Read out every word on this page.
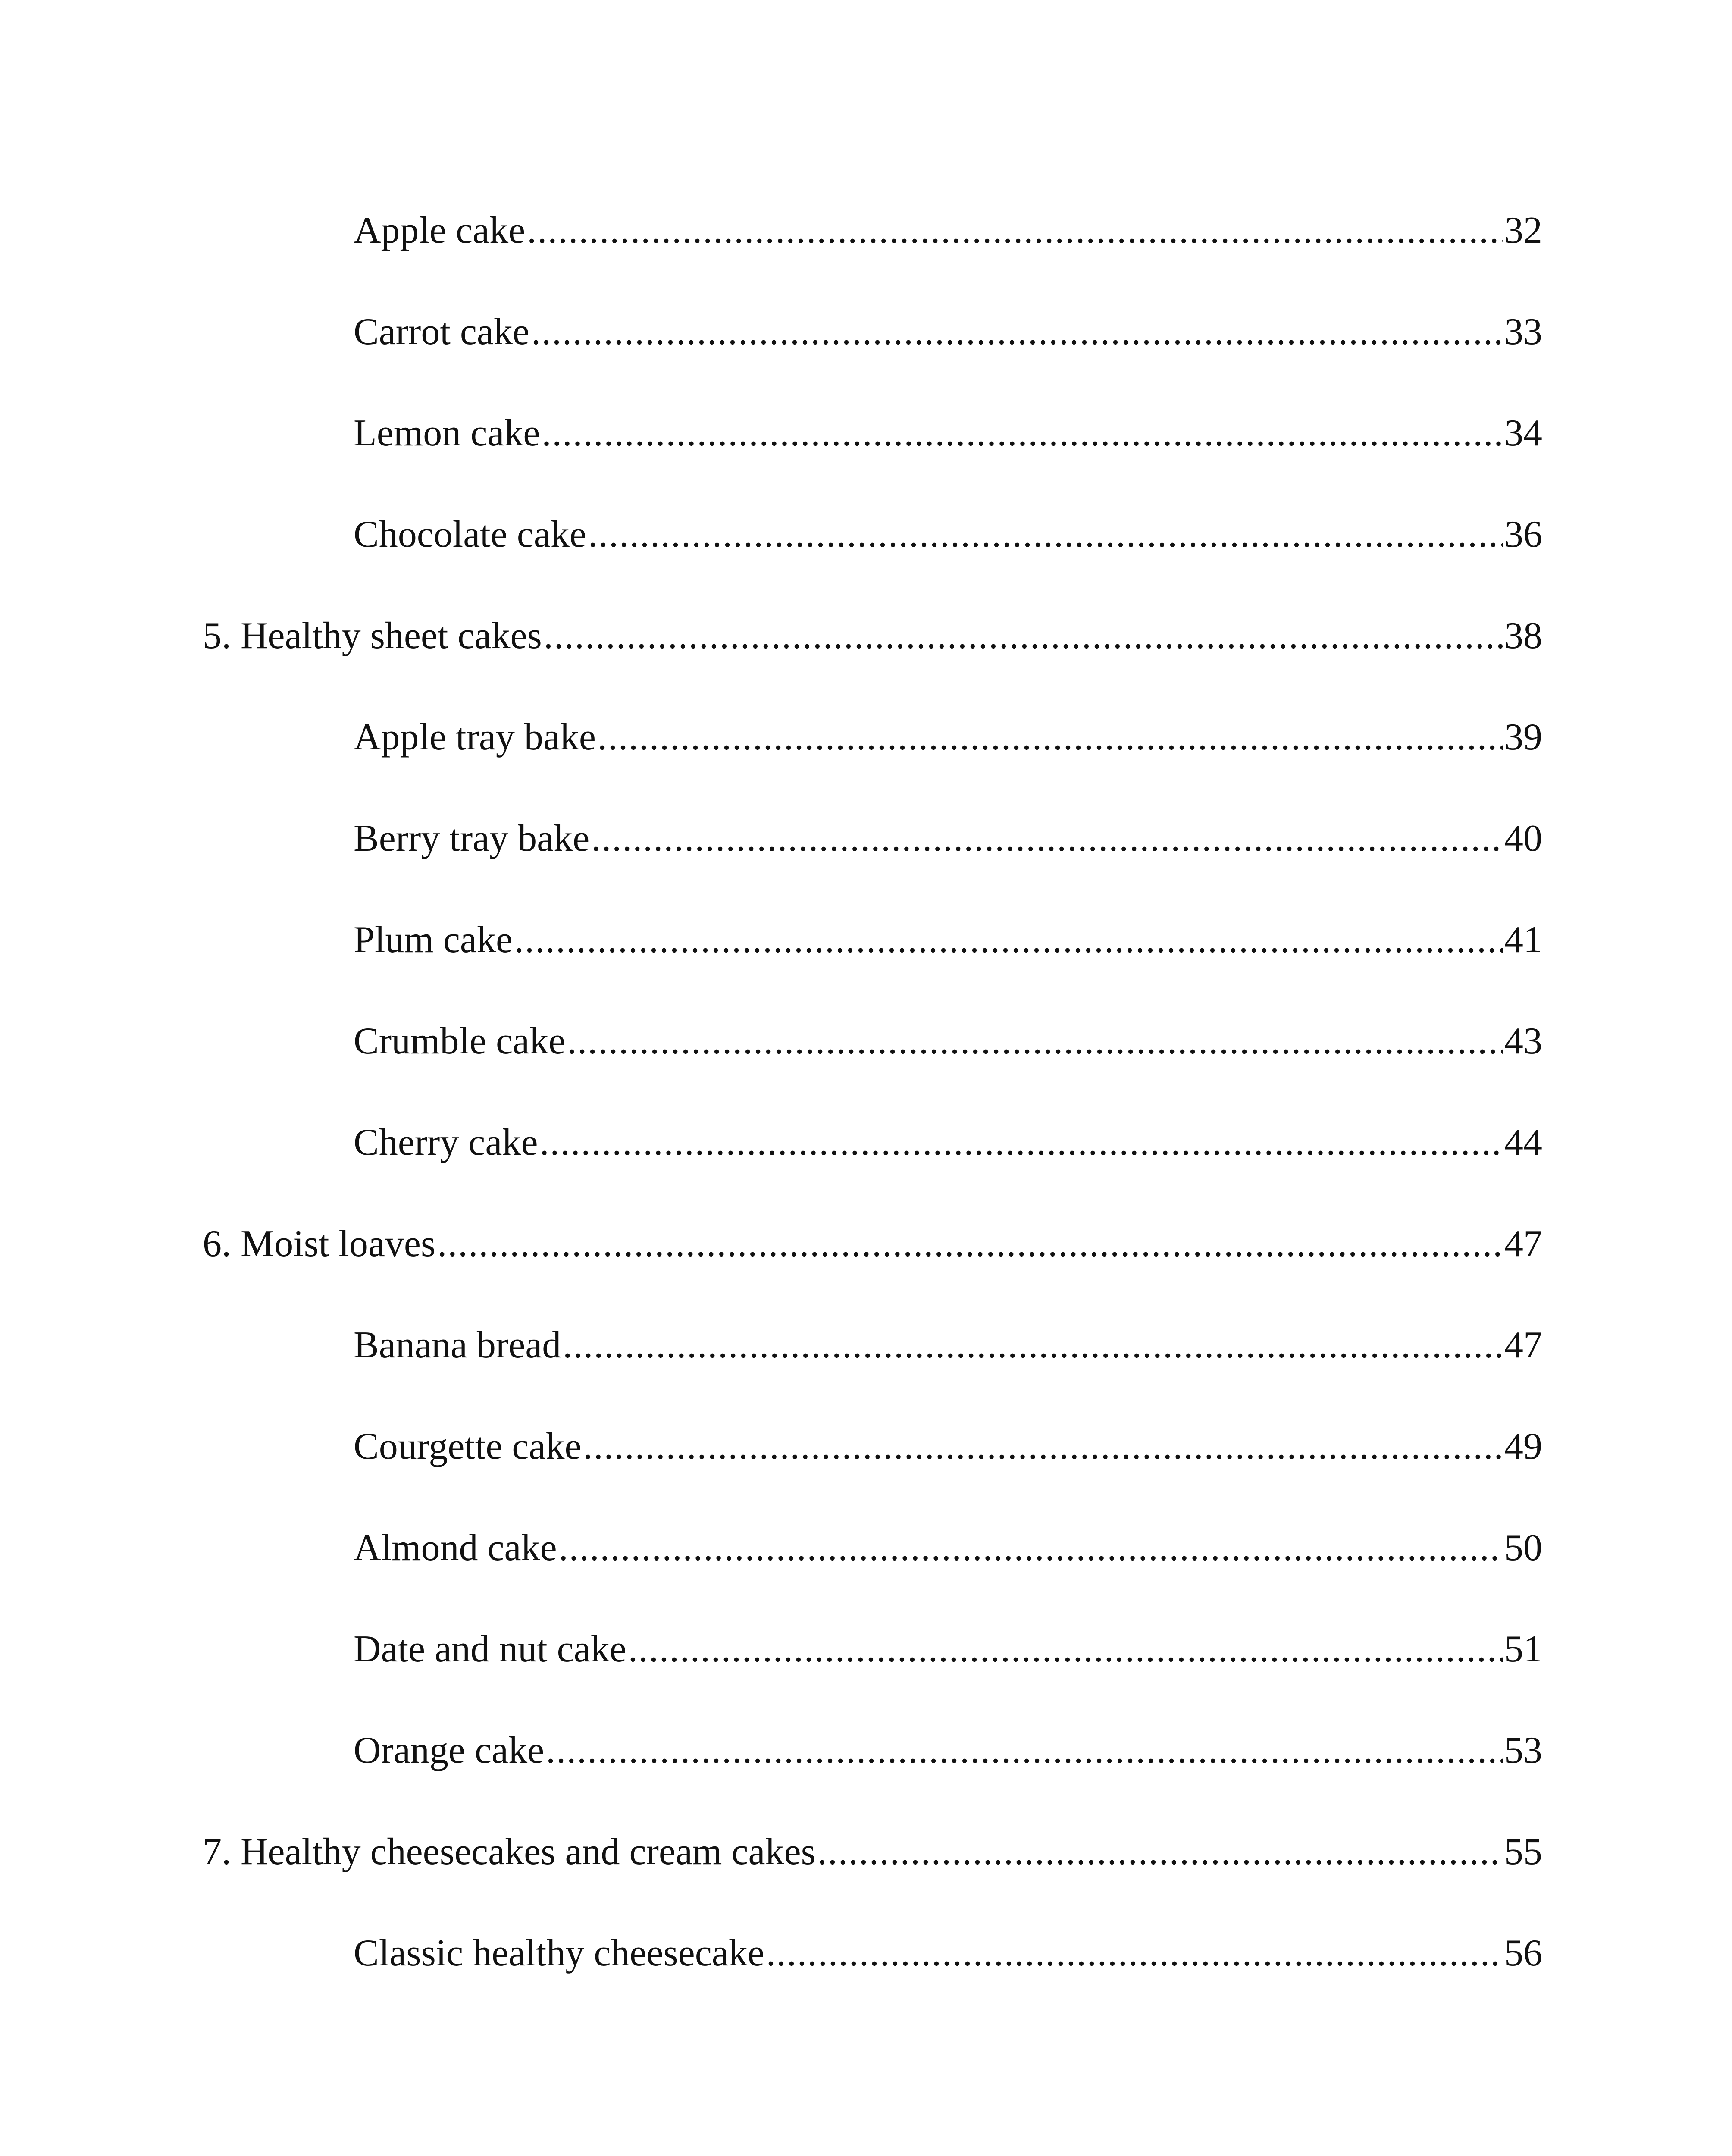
Apple cake .....	32
Carrot cake .....	33
Lemon cake .....	34
Chocolate cake .....	36
5. Healthy sheet cakes .....	38
Apple tray bake .....	39
Berry tray bake .....	40
Plum cake .....	41
Crumble cake .....	43
Cherry cake .....	44
6. Moist loaves .....	47
Banana bread .....	47
Courgette cake .....	49
Almond cake .....	50
Date and nut cake .....	51
Orange cake .....	53
7. Healthy cheesecakes and cream cakes .....	55
Classic healthy cheesecake .....	56
